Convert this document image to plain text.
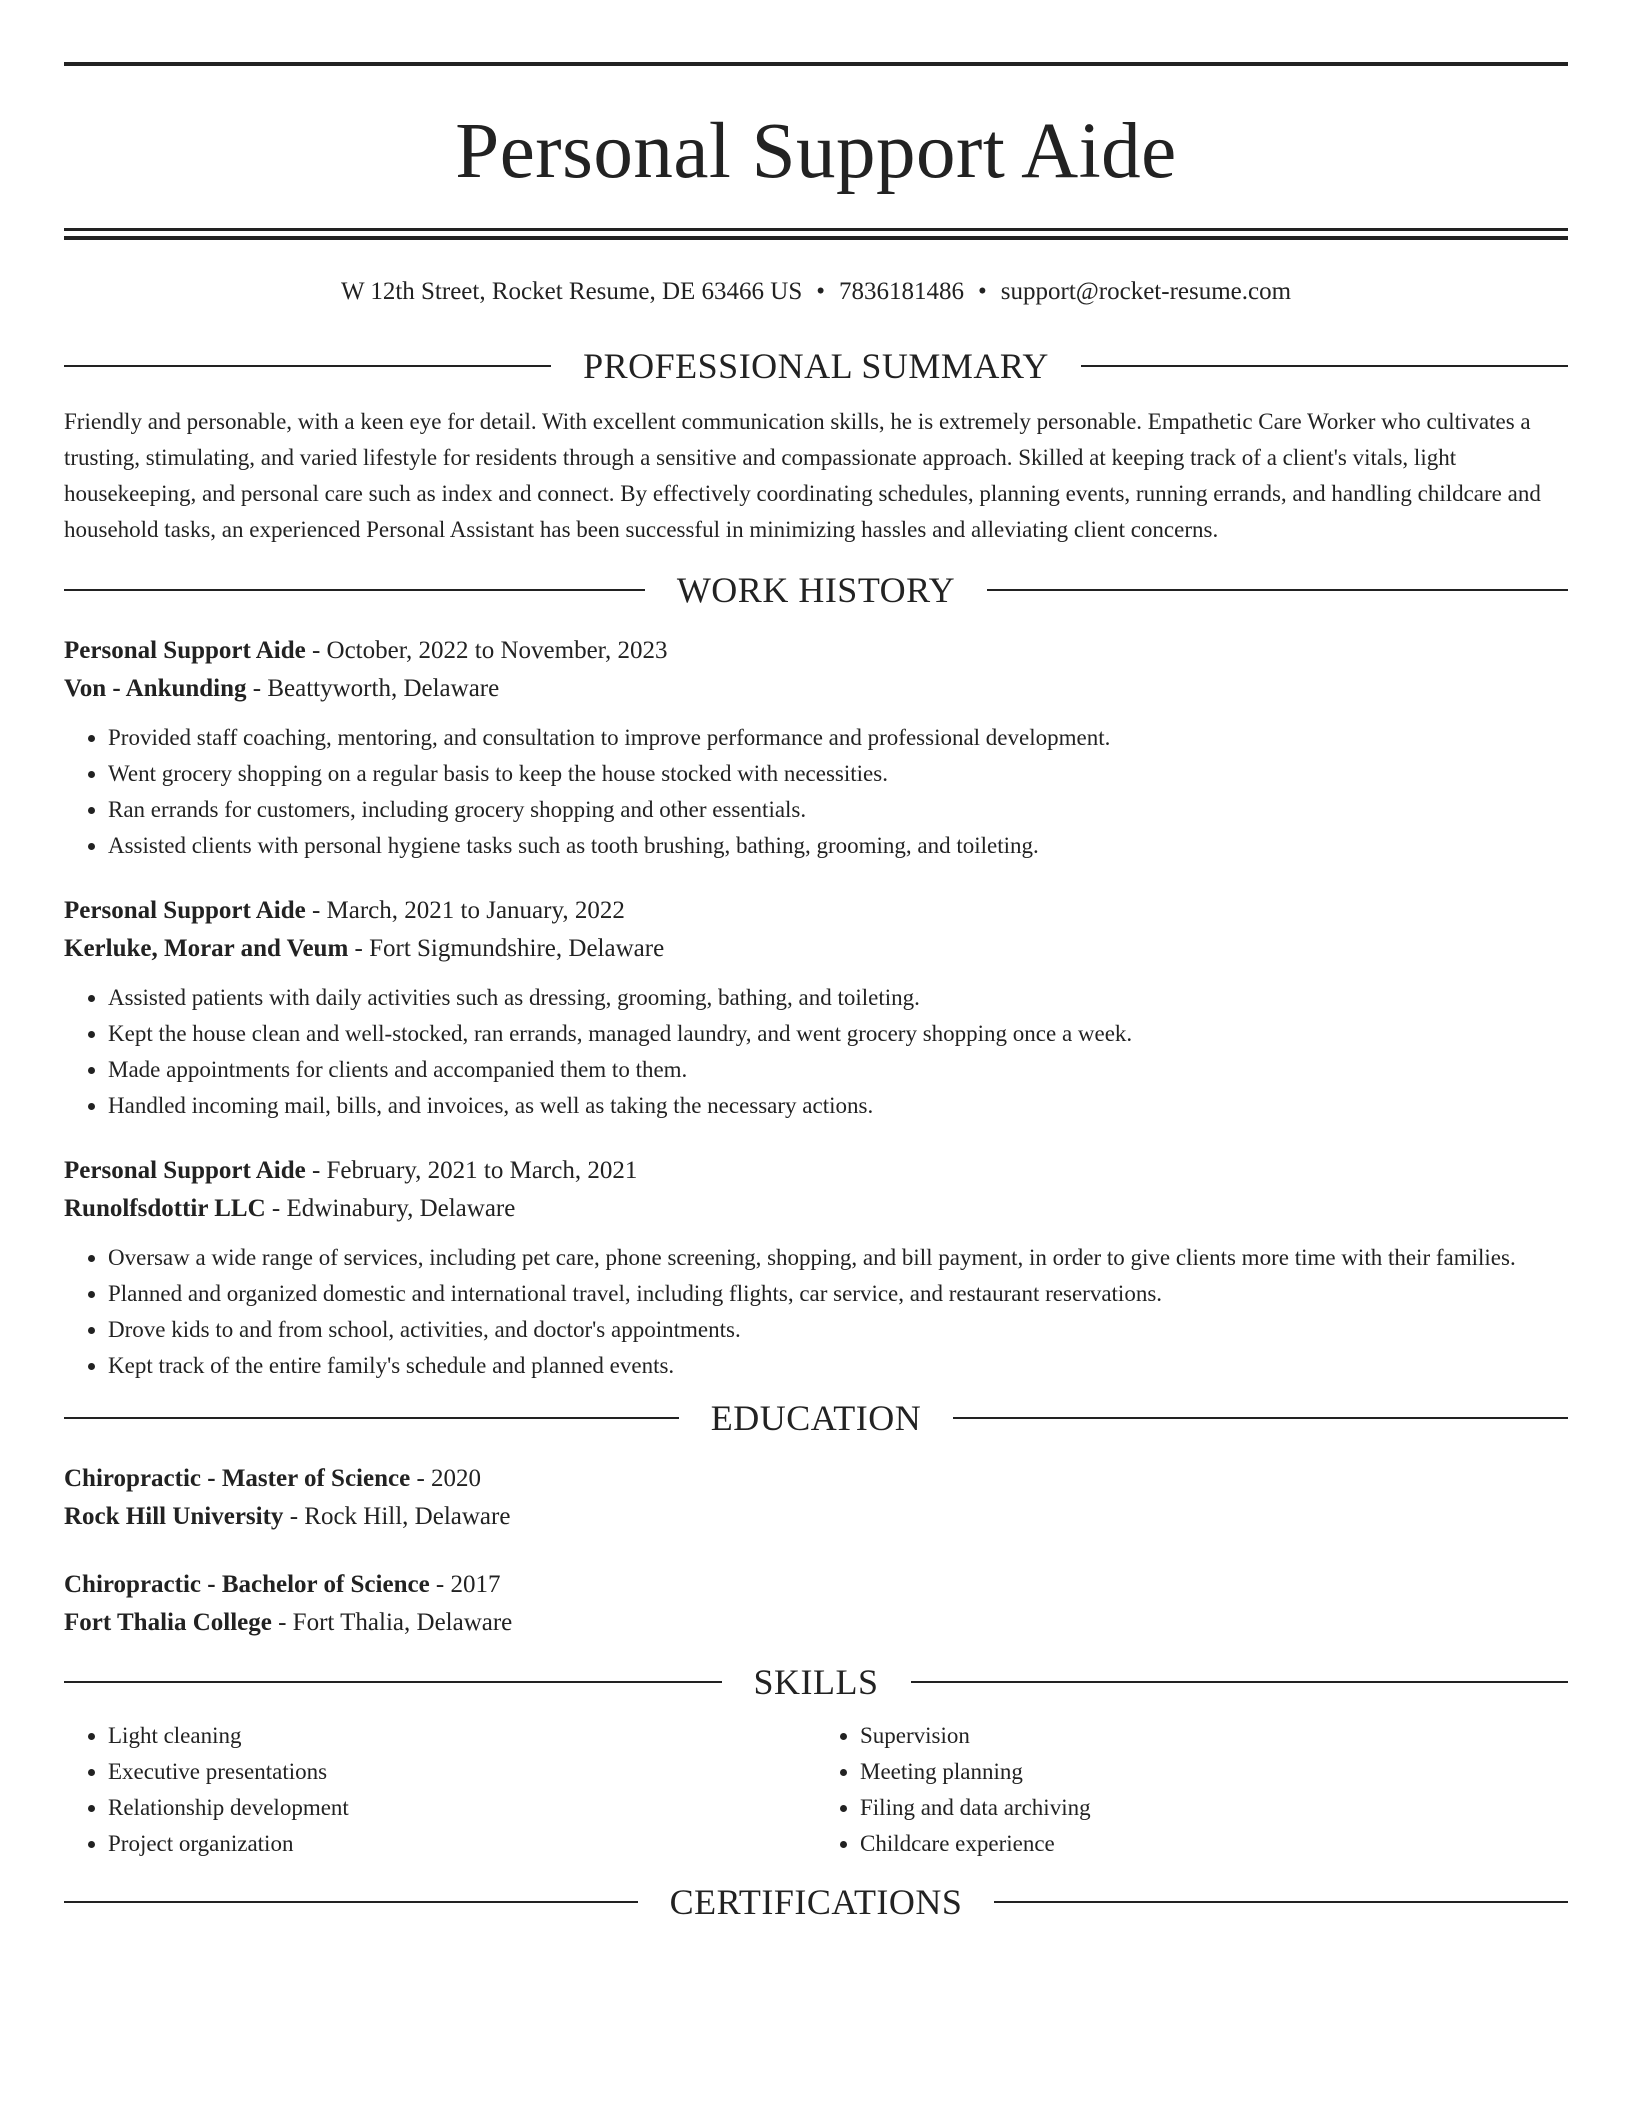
Personal Support Aide
W 12th Street, Rocket Resume, DE 63466 US • 7836181486 • support@rocket-resume.com
PROFESSIONAL SUMMARY

Friendly and personable, with a keen eye for detail. With excellent communication skills, he is extremely personable. Empathetic Care Worker who cultivates a trusting, stimulating, and varied lifestyle for residents through a sensitive and compassionate approach. Skilled at keeping track of a client's vitals, light housekeeping, and personal care such as index and connect. By effectively coordinating schedules, planning events, running errands, and handling childcare and household tasks, an experienced Personal Assistant has been successful in minimizing hassles and alleviating client concerns.

WORK HISTORY
Personal Support Aide - October, 2022 to November, 2023
Von - Ankunding - Beattyworth, Delaware
• Provided staff coaching, mentoring, and consultation to improve performance and professional development.
• Went grocery shopping on a regular basis to keep the house stocked with necessities.
• Ran errands for customers, including grocery shopping and other essentials.
• Assisted clients with personal hygiene tasks such as tooth brushing, bathing, grooming, and toileting.
Personal Support Aide - March, 2021 to January, 2022
Kerluke, Morar and Veum - Fort Sigmundshire, Delaware
• Assisted patients with daily activities such as dressing, grooming, bathing, and toileting.
• Kept the house clean and well-stocked, ran errands, managed laundry, and went grocery shopping once a week.
• Made appointments for clients and accompanied them to them.
• Handled incoming mail, bills, and invoices, as well as taking the necessary actions.
Personal Support Aide - February, 2021 to March, 2021
Runolfsdottir LLC - Edwinabury, Delaware
• Oversaw a wide range of services, including pet care, phone screening, shopping, and bill payment, in order to give clients more time with their families.
• Planned and organized domestic and international travel, including flights, car service, and restaurant reservations.
• Drove kids to and from school, activities, and doctor's appointments.
• Kept track of the entire family's schedule and planned events.
EDUCATION
Chiropractic - Master of Science - 2020
Rock Hill University - Rock Hill, Delaware
Chiropractic - Bachelor of Science - 2017
Fort Thalia College - Fort Thalia, Delaware
SKILLS
• Light cleaning
• Executive presentations
• Relationship development
• Project organization
• Supervision
• Meeting planning
• Filing and data archiving
• Childcare experience
CERTIFICATIONS
